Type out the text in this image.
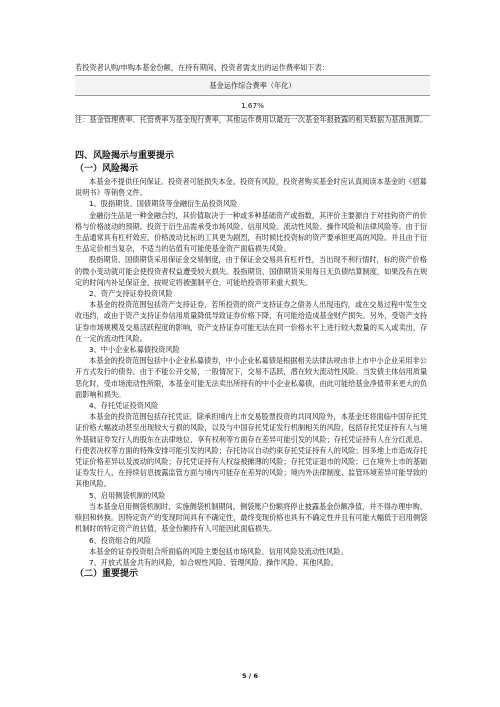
若投资者认购/申购本基金份额，在持有期间，投资者需支出的运作费率如下表：
基金运作综合费率（年化）
1.67%
注：基金管理费率、托管费率为基金现行费率，其他运作费用以最近一次基金年报披露的相关数据为基准测算。
四、风险揭示与重要提示
（一）风险揭示

本基金不提供任何保证。投资者可能损失本金。投资有风险，投资者购买基金时应认真阅读本基金的《招募说明书》等销售文件。

1、股指期货、国债期货等金融衍生品投资风险

金融衍生品是一种金融合约，其价值取决于一种或多种基础资产或指数，其评价主要源自于对挂钩资产的价格与价格波动的预期。投资于衍生品需承受市场风险、信用风险、流动性风险、操作风险和法律风险等。由于衍生品通常具有杠杆效应，价格波动比标的工具更为剧烈，有时候比投资标的资产要承担更高的风险。并且由于衍生品定价相当复杂，不适当的估值有可能使基金资产面临损失风险。

股指期货、国债期货采用保证金交易制度，由于保证金交易具有杠杆性，当出现不利行情时，标的资产价格的微小变动就可能会使投资者权益遭受较大损失。股指期货、国债期货采用每日无负债结算制度，如果没有在规定的时间内补足保证金，按规定将被强制平仓，可能给投资带来重大损失。

2、资产支持证券投资风险

本基金的投资范围包括资产支持证券，若所投资的资产支持证券之债务人出现违约，或在交易过程中发生交收违约，或由于资产支持证券信用质量降低导致证券价格下降，有可能给造成基金财产损失。另外，受资产支持证券市场规模及交易活跃程度的影响，资产支持证券可能无法在同一价格水平上进行较大数量的买入或卖出，存在一定的流动性风险。

3、中小企业私募债投资风险

本基金的投资范围包括中小企业私募债券，中小企业私募债是根据相关法律法规由非上市中小企业采用非公开方式发行的债券。由于不能公开交易，一般情况下，交易不活跃，潜在较大流动性风险。当发债主体信用质量恶化时，受市场流动性所限，本基金可能无法卖出所持有的中小企业私募债，由此可能给基金净值带来更大的负面影响和损失。

4、存托凭证投资风险

本基金的投资范围包括存托凭证，除承担境内上市交易股票投资的共同风险外，本基金还将面临中国存托凭证价格大幅波动甚至出现较大亏损的风险，以及与中国存托凭证发行机制相关的风险，包括存托凭证持有人与境外基础证券发行人的股东在法律地位、享有权利等方面存在差异可能引发的风险；存托凭证持有人在分红派息、行使表决权等方面的特殊安排可能引发的风险；存托协议自动约束存托凭证持有人的风险；因多地上市造成存托凭证价格差异以及波动的风险；存托凭证持有人权益被摊薄的风险；存托凭证退市的风险；已在境外上市的基础证券发行人，在持续信息披露监管方面与境内可能存在差异的风险；境内外法律制度、监管环境差异可能导致的其他风险。

5、启用侧袋机制的风险

当本基金启用侧袋机制时，实施侧袋机制期间，侧袋账户份额将停止披露基金份额净值，并不得办理申购、赎回和转换。因特定资产的变现时间具有不确定性，最终变现价格也具有不确定性并且有可能大幅低于启用侧袋机制时的特定资产的估值，基金份额持有人可能因此面临损失。

6、投资组合的风险

本基金的证券投资组合所面临的风险主要包括市场风险、信用风险及流动性风险。

7、开放式基金共有的风险，如合规性风险、管理风险、操作风险、其他风险。

（二）重要提示
5 / 6
